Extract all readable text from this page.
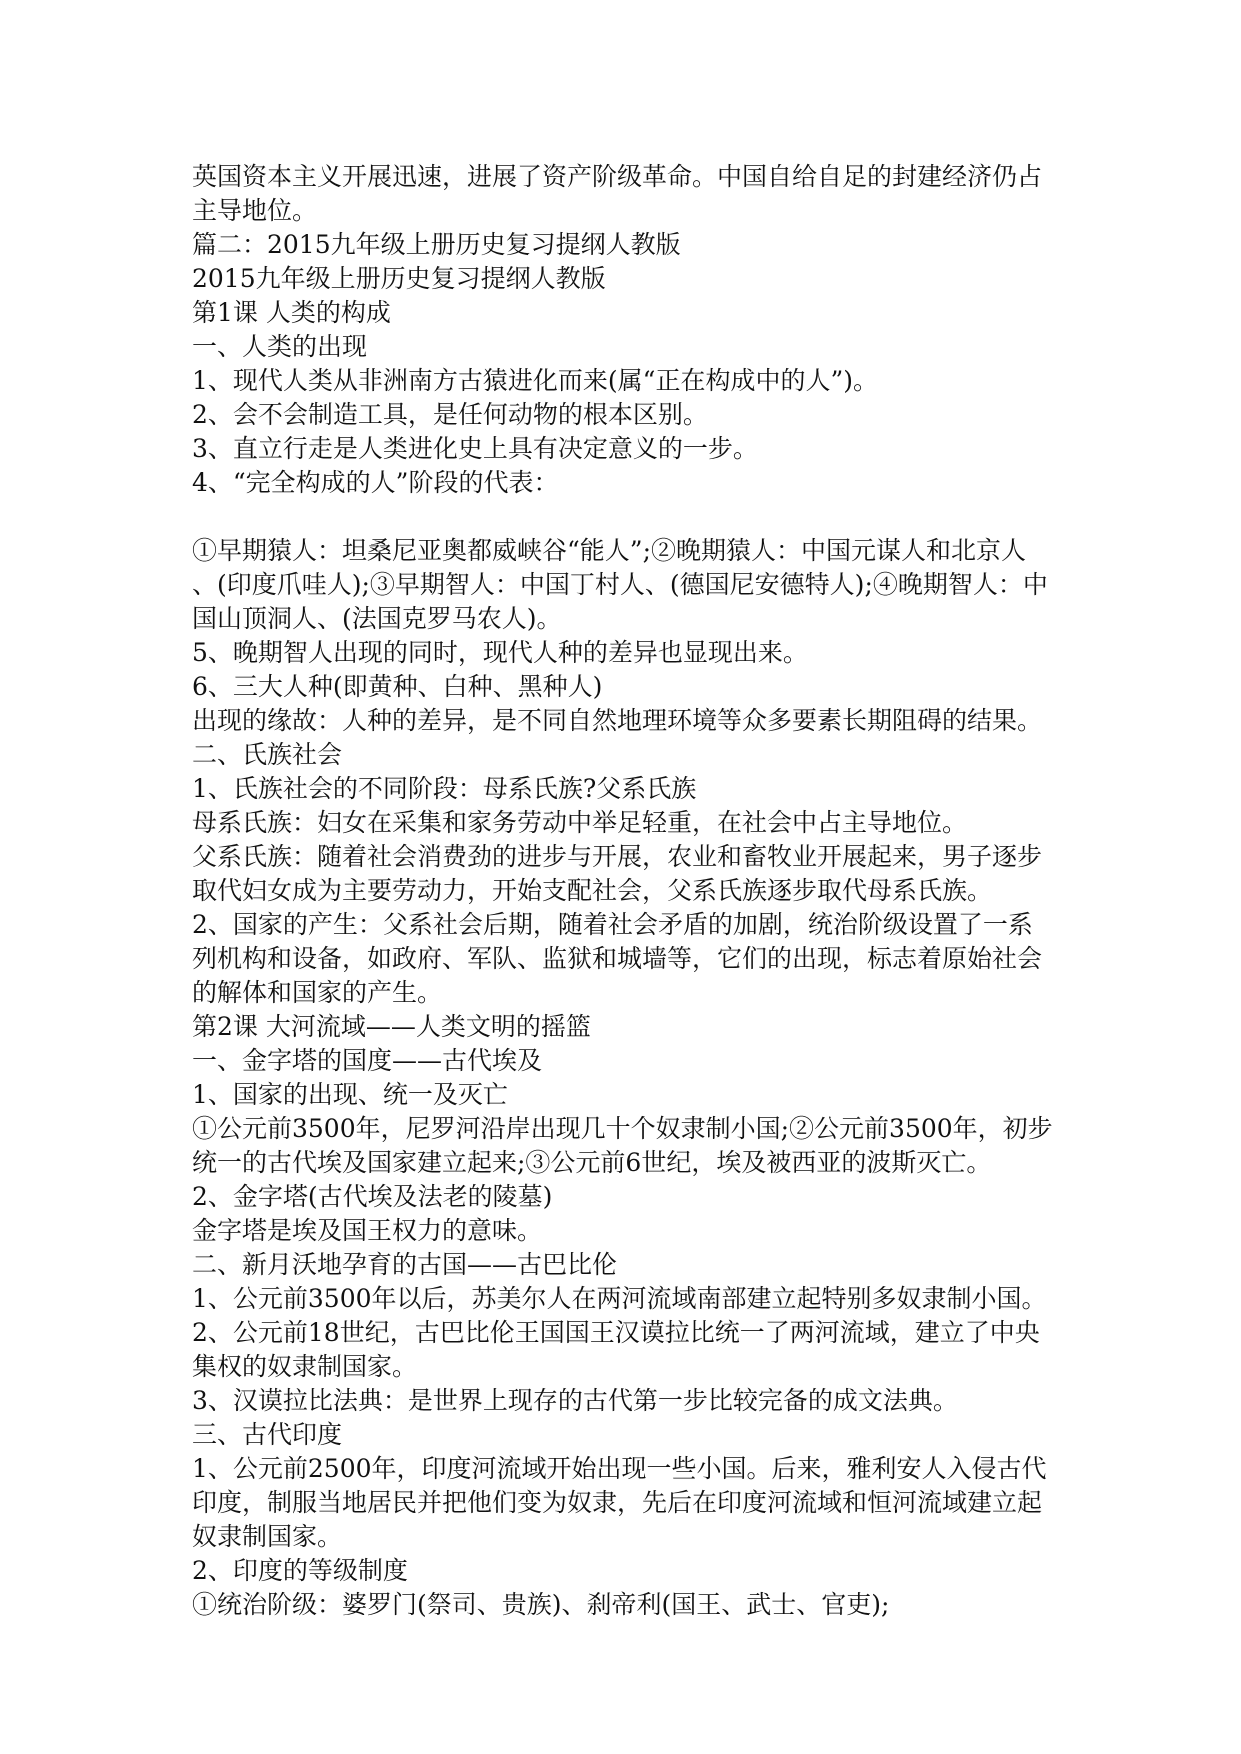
英国资本主义开展迅速，进展了资产阶级革命。中国自给自足的封建经济仍占
主导地位。
篇二：2015九年级上册历史复习提纲人教版
2015九年级上册历史复习提纲人教版
第1课 人类的构成
一、人类的出现
1、现代人类从非洲南方古猿进化而来(属“正在构成中的人”)。
2、会不会制造工具，是任何动物的根本区别。
3、直立行走是人类进化史上具有决定意义的一步。
4、“完全构成的人”阶段的代表：
①早期猿人：坦桑尼亚奥都威峡谷“能人”;②晚期猿人：中国元谋人和北京人
、(印度爪哇人);③早期智人：中国丁村人、(德国尼安德特人);④晚期智人：中
国山顶洞人、(法国克罗马农人)。
5、晚期智人出现的同时，现代人种的差异也显现出来。
6、三大人种(即黄种、白种、黑种人)
出现的缘故：人种的差异，是不同自然地理环境等众多要素长期阻碍的结果。
二、氏族社会
1、氏族社会的不同阶段：母系氏族?父系氏族
母系氏族：妇女在采集和家务劳动中举足轻重，在社会中占主导地位。
父系氏族：随着社会消费劲的进步与开展，农业和畜牧业开展起来，男子逐步
取代妇女成为主要劳动力，开始支配社会，父系氏族逐步取代母系氏族。
2、国家的产生：父系社会后期，随着社会矛盾的加剧，统治阶级设置了一系
列机构和设备，如政府、军队、监狱和城墙等，它们的出现，标志着原始社会
的解体和国家的产生。
第2课 大河流域——人类文明的摇篮
一、金字塔的国度——古代埃及
1、国家的出现、统一及灭亡
①公元前3500年，尼罗河沿岸出现几十个奴隶制小国;②公元前3500年，初步
统一的古代埃及国家建立起来;③公元前6世纪，埃及被西亚的波斯灭亡。
2、金字塔(古代埃及法老的陵墓)
金字塔是埃及国王权力的意味。
二、新月沃地孕育的古国——古巴比伦
1、公元前3500年以后，苏美尔人在两河流域南部建立起特别多奴隶制小国。
2、公元前18世纪，古巴比伦王国国王汉谟拉比统一了两河流域，建立了中央
集权的奴隶制国家。
3、汉谟拉比法典：是世界上现存的古代第一步比较完备的成文法典。
三、古代印度
1、公元前2500年，印度河流域开始出现一些小国。后来，雅利安人入侵古代
印度，制服当地居民并把他们变为奴隶，先后在印度河流域和恒河流域建立起
奴隶制国家。
2、印度的等级制度
①统治阶级：婆罗门(祭司、贵族)、刹帝利(国王、武士、官吏);
